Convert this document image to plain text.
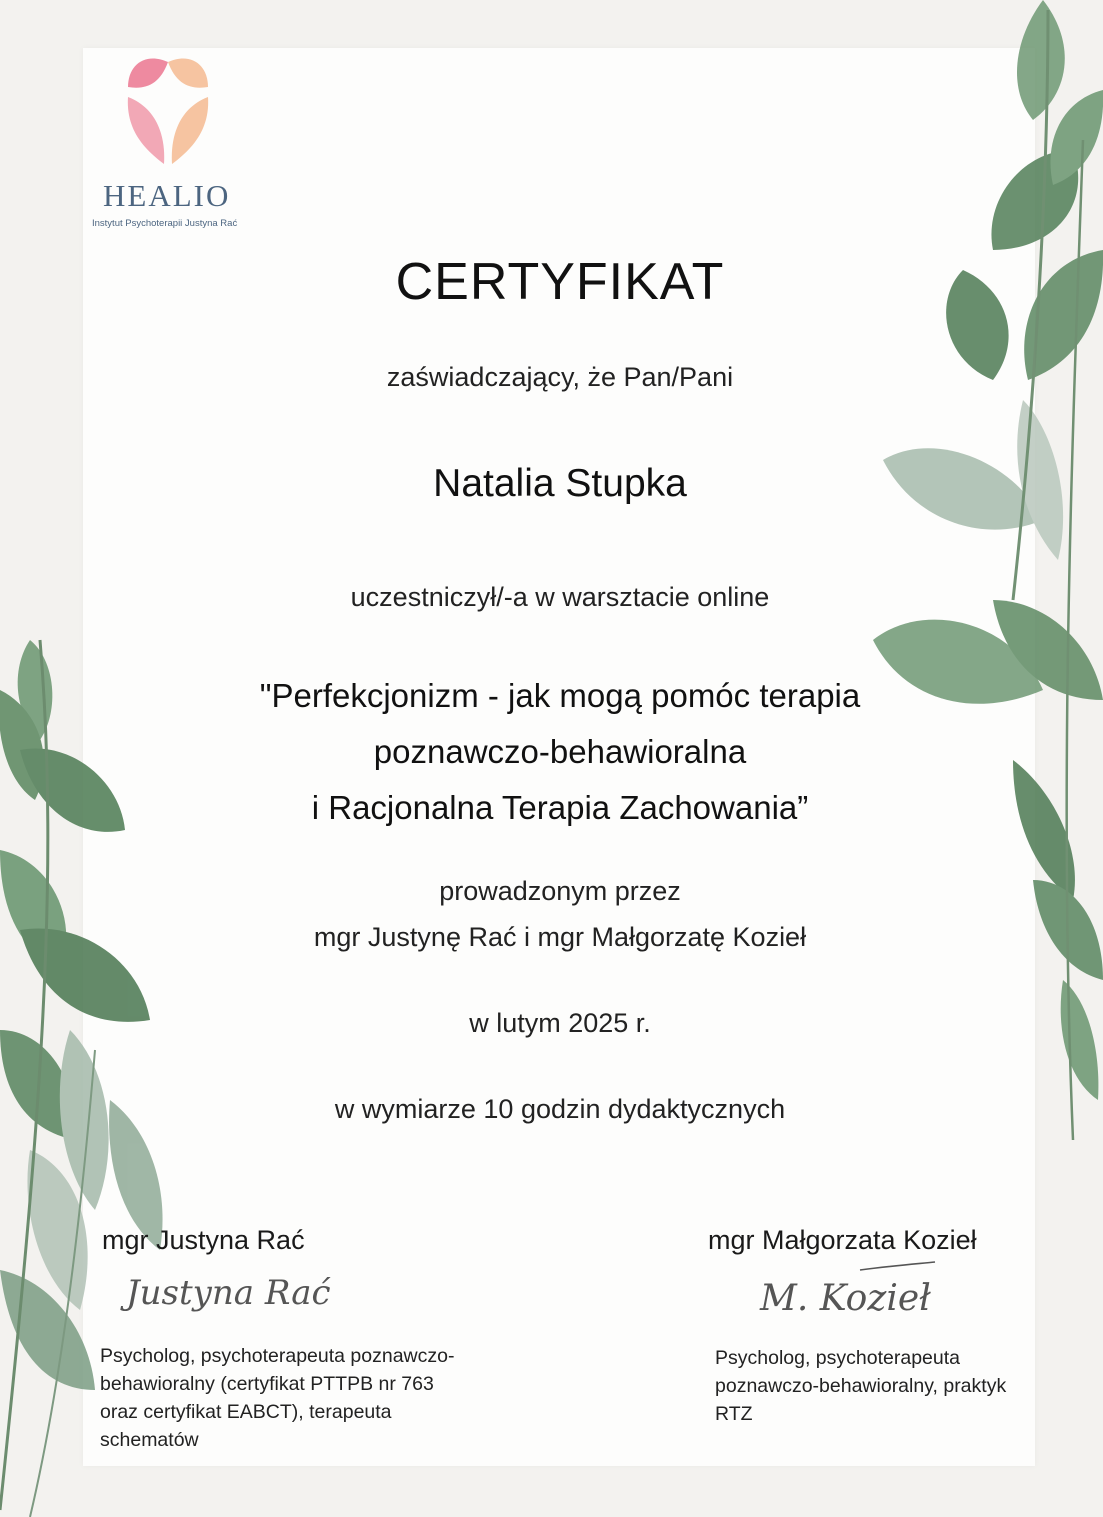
HEALIO
Instytut Psychoterapii Justyna Rać
CERTYFIKAT
zaświadczający, że Pan/Pani
Natalia Stupka
uczestniczył/-a w warsztacie online
"Perfekcjonizm - jak mogą pomóc terapia
poznawczo-behawioralna
i Racjonalna Terapia Zachowania”
prowadzonym przez
mgr Justynę Rać i mgr Małgorzatę Kozieł
w lutym 2025 r.
w wymiarze 10 godzin dydaktycznych
mgr Justyna Rać
Justyna Rać
Psycholog, psychoterapeuta poznawczo-
behawioralny (certyfikat PTTPB nr 763
oraz certyfikat EABCT), terapeuta
schematów
mgr Małgorzata Kozieł
M. Kozieł
Psycholog, psychoterapeuta
poznawczo-behawioralny, praktyk
RTZ
